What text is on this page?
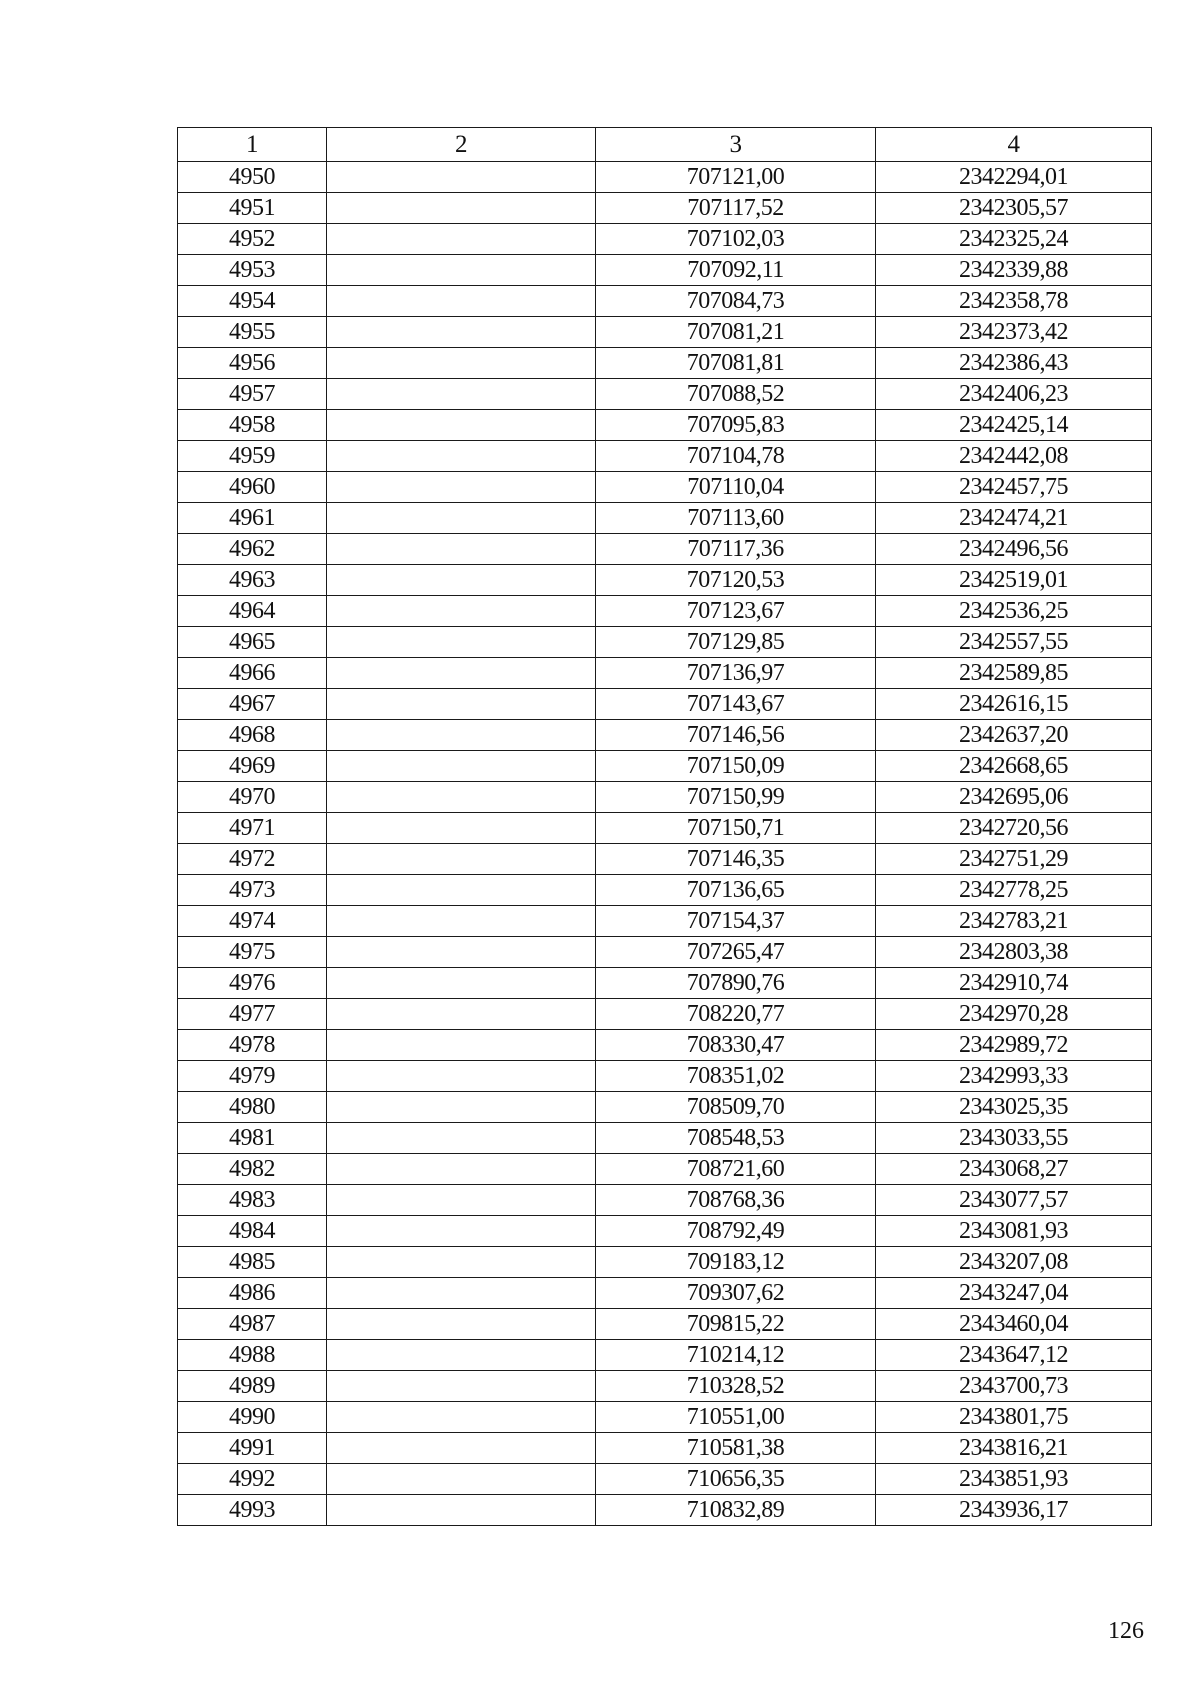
1	2	3	4
4950		707121,00	2342294,01
4951		707117,52	2342305,57
4952		707102,03	2342325,24
4953		707092,11	2342339,88
4954		707084,73	2342358,78
4955		707081,21	2342373,42
4956		707081,81	2342386,43
4957		707088,52	2342406,23
4958		707095,83	2342425,14
4959		707104,78	2342442,08
4960		707110,04	2342457,75
4961		707113,60	2342474,21
4962		707117,36	2342496,56
4963		707120,53	2342519,01
4964		707123,67	2342536,25
4965		707129,85	2342557,55
4966		707136,97	2342589,85
4967		707143,67	2342616,15
4968		707146,56	2342637,20
4969		707150,09	2342668,65
4970		707150,99	2342695,06
4971		707150,71	2342720,56
4972		707146,35	2342751,29
4973		707136,65	2342778,25
4974		707154,37	2342783,21
4975		707265,47	2342803,38
4976		707890,76	2342910,74
4977		708220,77	2342970,28
4978		708330,47	2342989,72
4979		708351,02	2342993,33
4980		708509,70	2343025,35
4981		708548,53	2343033,55
4982		708721,60	2343068,27
4983		708768,36	2343077,57
4984		708792,49	2343081,93
4985		709183,12	2343207,08
4986		709307,62	2343247,04
4987		709815,22	2343460,04
4988		710214,12	2343647,12
4989		710328,52	2343700,73
4990		710551,00	2343801,75
4991		710581,38	2343816,21
4992		710656,35	2343851,93
4993		710832,89	2343936,17
126
